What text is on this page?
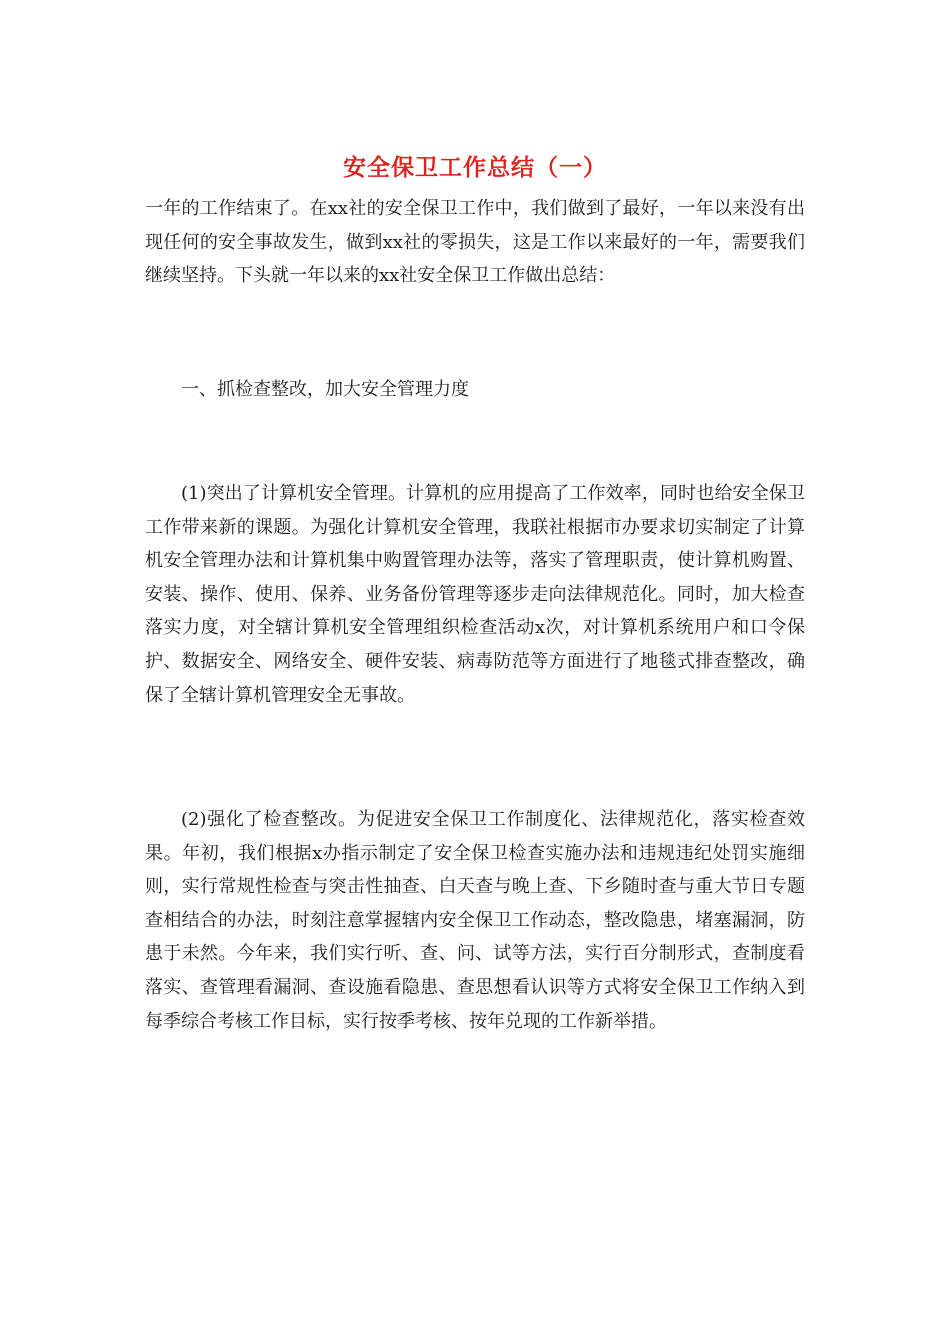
安全保卫工作总结（一）

一年的工作结束了。在xx社的安全保卫工作中，我们做到了最好，一年以来没有出现任何的安全事故发生，做到xx社的零损失，这是工作以来最好的一年，需要我们继续坚持。下头就一年以来的xx社安全保卫工作做出总结：

一、抓检查整改，加大安全管理力度

(1)突出了计算机安全管理。计算机的应用提高了工作效率，同时也给安全保卫工作带来新的课题。为强化计算机安全管理，我联社根据市办要求切实制定了计算机安全管理办法和计算机集中购置管理办法等，落实了管理职责，使计算机购置、安装、操作、使用、保养、业务备份管理等逐步走向法律规范化。同时，加大检查落实力度，对全辖计算机安全管理组织检查活动x次，对计算机系统用户和口令保护、数据安全、网络安全、硬件安装、病毒防范等方面进行了地毯式排查整改，确保了全辖计算机管理安全无事故。

(2)强化了检查整改。为促进安全保卫工作制度化、法律规范化，落实检查效果。年初，我们根据x办指示制定了安全保卫检查实施办法和违规违纪处罚实施细则，实行常规性检查与突击性抽查、白天查与晚上查、下乡随时查与重大节日专题查相结合的办法，时刻注意掌握辖内安全保卫工作动态，整改隐患，堵塞漏洞，防患于未然。今年来，我们实行听、查、问、试等方法，实行百分制形式，查制度看落实、查管理看漏洞、查设施看隐患、查思想看认识等方式将安全保卫工作纳入到每季综合考核工作目标，实行按季考核、按年兑现的工作新举措。
